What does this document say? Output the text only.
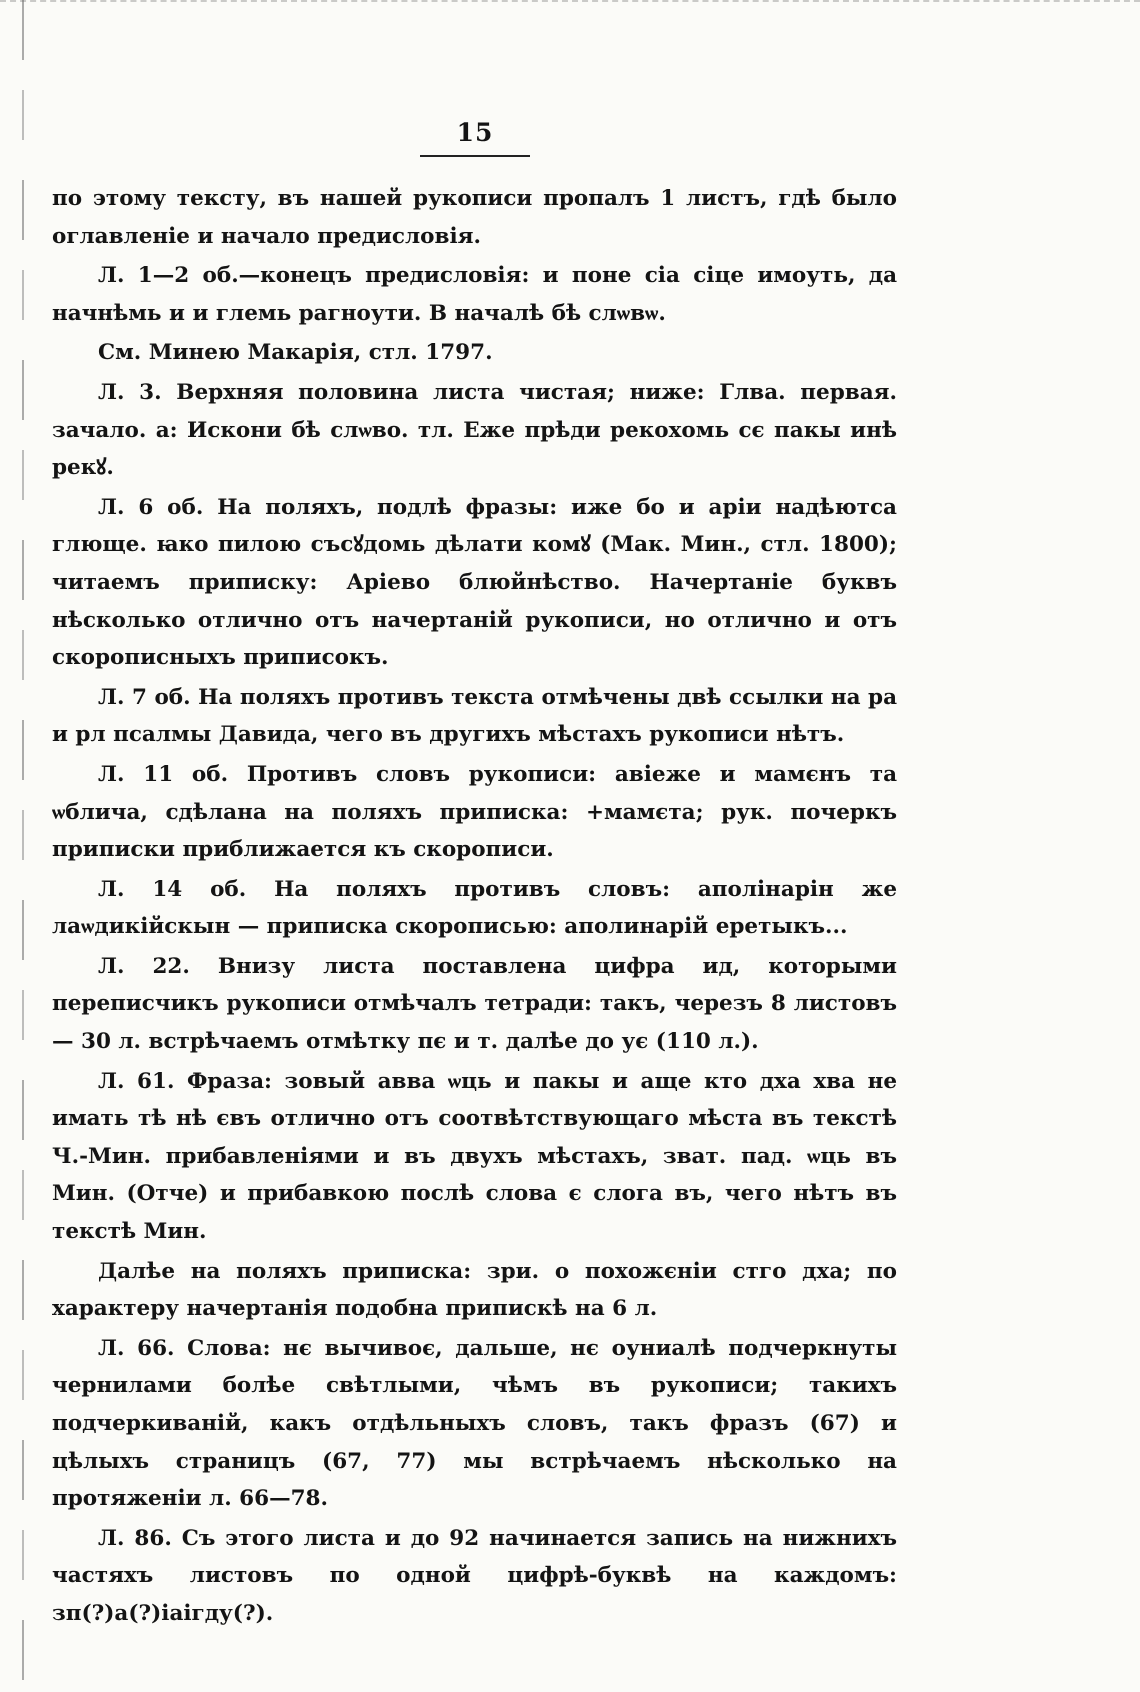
15

по этому тексту, въ нашей рукописи пропалъ 1 листъ, гдѣ было оглавленіе и начало предисловія.

Л. 1—2 об.—конецъ предисловія: и поне сіа сіце имоуть, да начнѣмь и и глемь рагноути. В началѣ бѣ слѡвѡ.

См. Минею Макарія, стл. 1797.

Л. 3. Верхняя половина листа чистая; ниже: Глва. пeрвая. зачало. а: Искони бѣ слѡво. тл. Еже прѣди рекохомь сє пакы инѣ рекꙋ.

Л. 6 об. На поляхъ, подлѣ фразы: иже бо и аріи надѣютса глюще. ꙗко пилою съсꙋдомь дѣлати комꙋ (Мак. Мин., стл. 1800); читаемъ приписку: Аріево блюйнѣство. Начертаніе буквъ нѣсколько отлично отъ начертаній рукописи, но отлично и отъ скорописныхъ приписокъ.

Л. 7 об. На поляхъ противъ текста отмѣчены двѣ ссылки на ра и рл псалмы Давида, чего въ другихъ мѣстахъ рукописи нѣтъ.

Л. 11 об. Противъ словъ рукописи: авіеже и мамєнъ та ѡблича, сдѣлана на поляхъ приписка: +мамєта; рук. почеркъ приписки приближается къ скорописи.

Л. 14 об. На поляхъ противъ словъ: аполінарін же лаѡдикійскын — приписка скорописью: аполинарій еретыкъ...

Л. 22. Внизу листа поставлена цифра ид, которыми переписчикъ рукописи отмѣчалъ тетради: такъ, черезъ 8 листовъ — 30 л. встрѣчаемъ отмѣтку пє и т. далѣе до ує (110 л.).

Л. 61. Фраза: зовый авва ѡць и пакы и аще кто дха хва не имать тѣ нѣ євъ отлично отъ соотвѣтствующаго мѣста въ текстѣ Ч.-Мин. прибавленіями и въ двухъ мѣстахъ, зват. пад. ѡць въ Мин. (Отче) и прибавкою послѣ слова є слога въ, чего нѣтъ въ текстѣ Мин.

Далѣе на поляхъ приписка: зри. о похожєніи стго дха; по характеру начертанія подобна припискѣ на 6 л.

Л. 66. Слова: нє вычивоє, дальше, нє оуниалѣ подчеркнуты чернилами болѣе свѣтлыми, чѣмъ въ рукописи; такихъ подчеркиваній, какъ отдѣльныхъ словъ, такъ фразъ (67) и цѣлыхъ страницъ (67, 77) мы встрѣчаемъ нѣсколько на протяженіи л. 66—78.

Л. 86. Съ этого листа и до 92 начинается запись на нижнихъ частяхъ листовъ по одной цифрѣ-буквѣ на каждомъ: зп(?)а(?)іаігду(?).
